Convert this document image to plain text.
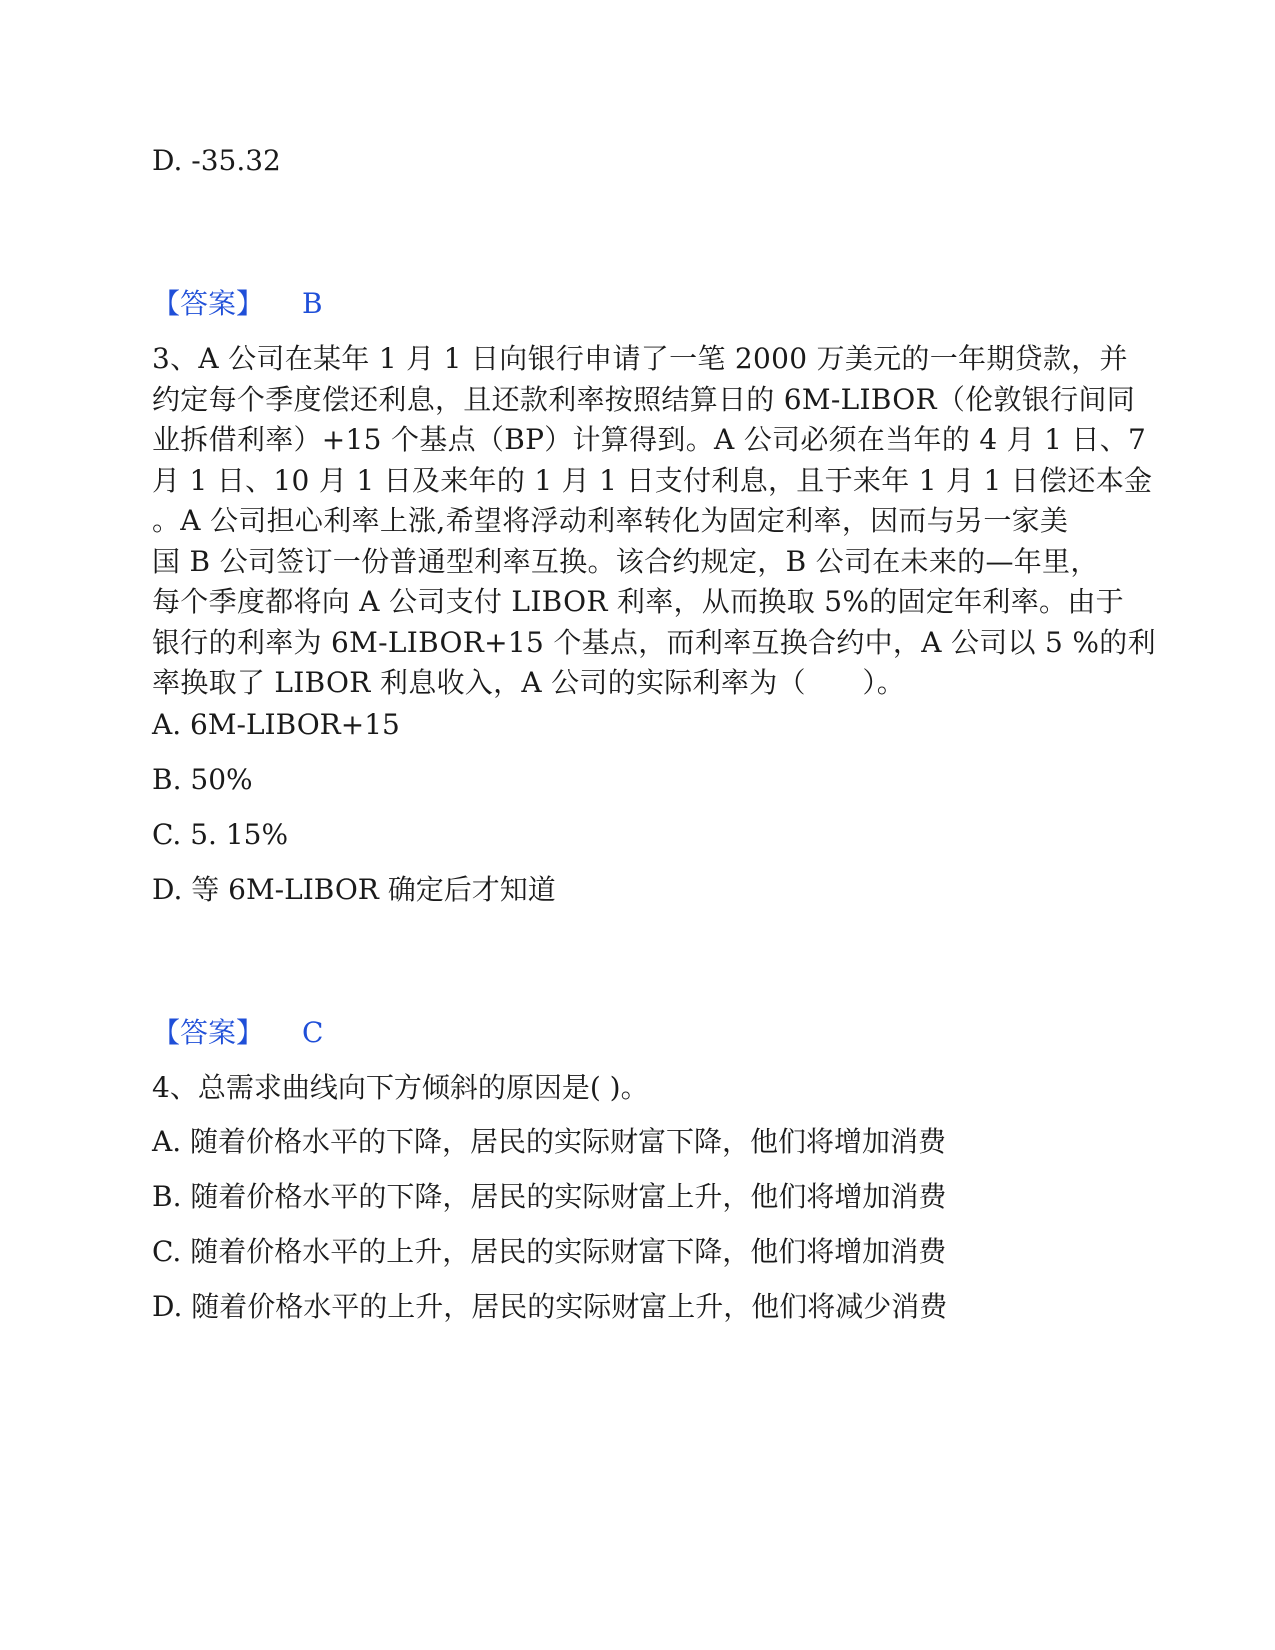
D. -35.32
【答案】 B
3、A 公司在某年 1 月 1 日向银行申请了一笔 2000 万美元的一年期贷款，并
约定每个季度偿还利息，且还款利率按照结算日的 6M-LIBOR（伦敦银行间同
业拆借利率）+15 个基点（BP）计算得到。A 公司必须在当年的 4 月 1 日、7
月 1 日、10 月 1 日及来年的 1 月 1 日支付利息，且于来年 1 月 1 日偿还本金
。A 公司担心利率上涨,希望将浮动利率转化为固定利率，因而与另一家美
国 B 公司签订一份普通型利率互换。该合约规定，B 公司在未来的—年里，
每个季度都将向 A 公司支付 LIBOR 利率，从而换取 5%的固定年利率。由于
银行的利率为 6M-LIBOR+15 个基点，而利率互换合约中，A 公司以 5 %的利
率换取了 LIBOR 利息收入，A 公司的实际利率为（　　）。
A. 6M-LIBOR+15
B. 50%
C. 5. 15%
D. 等 6M-LIBOR 确定后才知道
【答案】 C
4、总需求曲线向下方倾斜的原因是( )。
A. 随着价格水平的下降，居民的实际财富下降，他们将增加消费
B. 随着价格水平的下降，居民的实际财富上升，他们将增加消费
C. 随着价格水平的上升，居民的实际财富下降，他们将增加消费
D. 随着价格水平的上升，居民的实际财富上升，他们将减少消费
